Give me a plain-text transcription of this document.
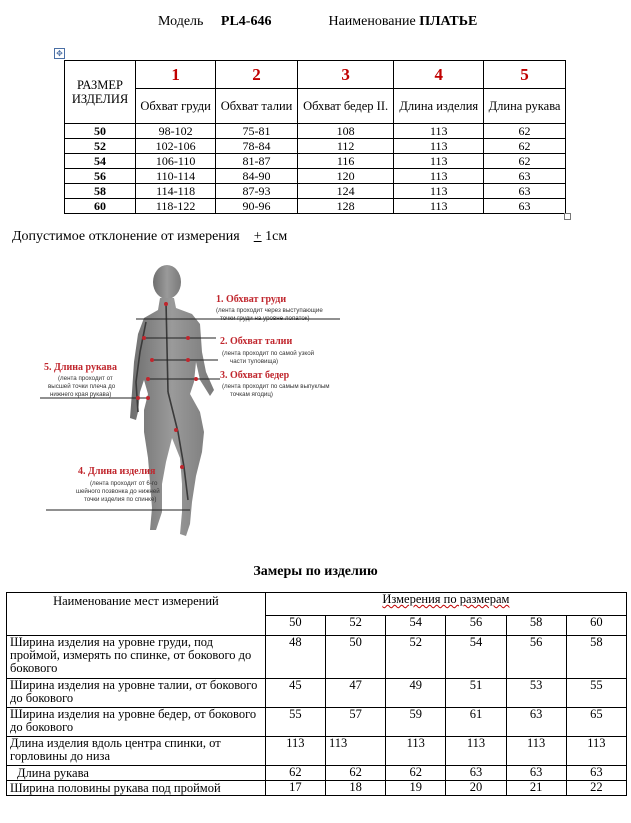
Модель PL4-646	Наименование ПЛАТЬЕ
✥
РАЗМЕР ИЗДЕЛИЯ	1	2	3	4	5
	Обхват груди	Обхват талии	Обхват бедер II.	Длина изделия	Длина рукава
50	98-102	75-81	108	113	62
52	102-106	78-84	112	113	62
54	106-110	81-87	116	113	62
56	110-114	84-90	120	113	63
58	114-118	87-93	124	113	63
60	118-122	90-96	128	113	63
Допустимое отклонение от измерения + 1см
1. Обхват груди
(лента проходит через выступающие
точки груди на уровне лопаток)
2. Обхват талии
(лента проходит по самой узкой
части туловища)
3. Обхват бедер
(лента проходит по самым выпуклым
точкам ягодиц)
5. Длина рукава
(лента проходит от
высшей точки плеча до
нижнего края рукава)
4. Длина изделия
(лента проходит от 6-го
шейного позвонка до нижней
точки изделия по спинке)
Замеры по изделию
Наименование мест измерений	Измерения по размерам					
	50	52	54	56	58	60
Ширина изделия на уровне груди, под проймой, измерять по спинке, от бокового до бокового	48	50	52	54	56	58
Ширина изделия на уровне талии, от бокового до бокового	45	47	49	51	53	55
Ширина изделия на уровне бедер, от бокового до бокового	55	57	59	61	63	65
Длина изделия вдоль центра спинки, от горловины до низа	113	113	113	113	113	113
Длина рукава	62	62	62	63	63	63
Ширина половины рукава под проймой	17	18	19	20	21	22
